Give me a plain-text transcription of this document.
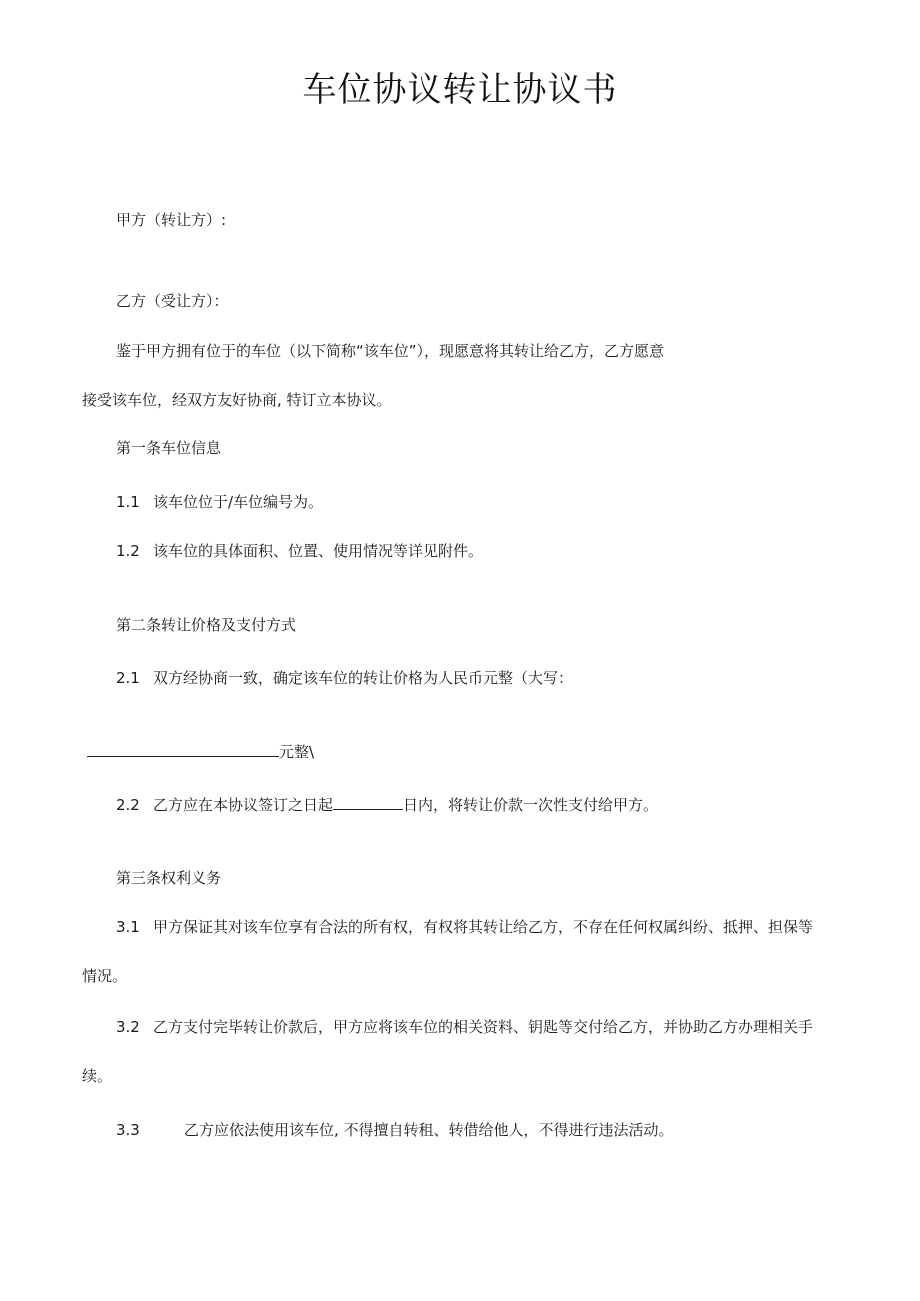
车位协议转让协议书
甲方（转让方）:
乙方（受让方）：
鉴于甲方拥有位于的车位（以下简称“该车位”），现愿意将其转让给乙方，乙方愿意
接受该车位，经双方友好协商, 特订立本协议。
第一条车位信息
1.1 该车位位于/车位编号为。
1.2 该车位的具体面积、位置、使用情况等详见附件。
第二条转让价格及支付方式
2.1 双方经协商一致，确定该车位的转让价格为人民币元整（大写：
元整\
2.2 乙方应在本协议签订之日起	日内，将转让价款一次性支付给甲方。
第三条权利义务
3.1 甲方保证其对该车位享有合法的所有权，有权将其转让给乙方，不存在任何权属纠纷、抵押、担保等
情况。
3.2 乙方支付完毕转让价款后，甲方应将该车位的相关资料、钥匙等交付给乙方，并协助乙方办理相关手
续。
3.3	乙方应依法使用该车位, 不得擅自转租、转借给他人，不得进行违法活动。
